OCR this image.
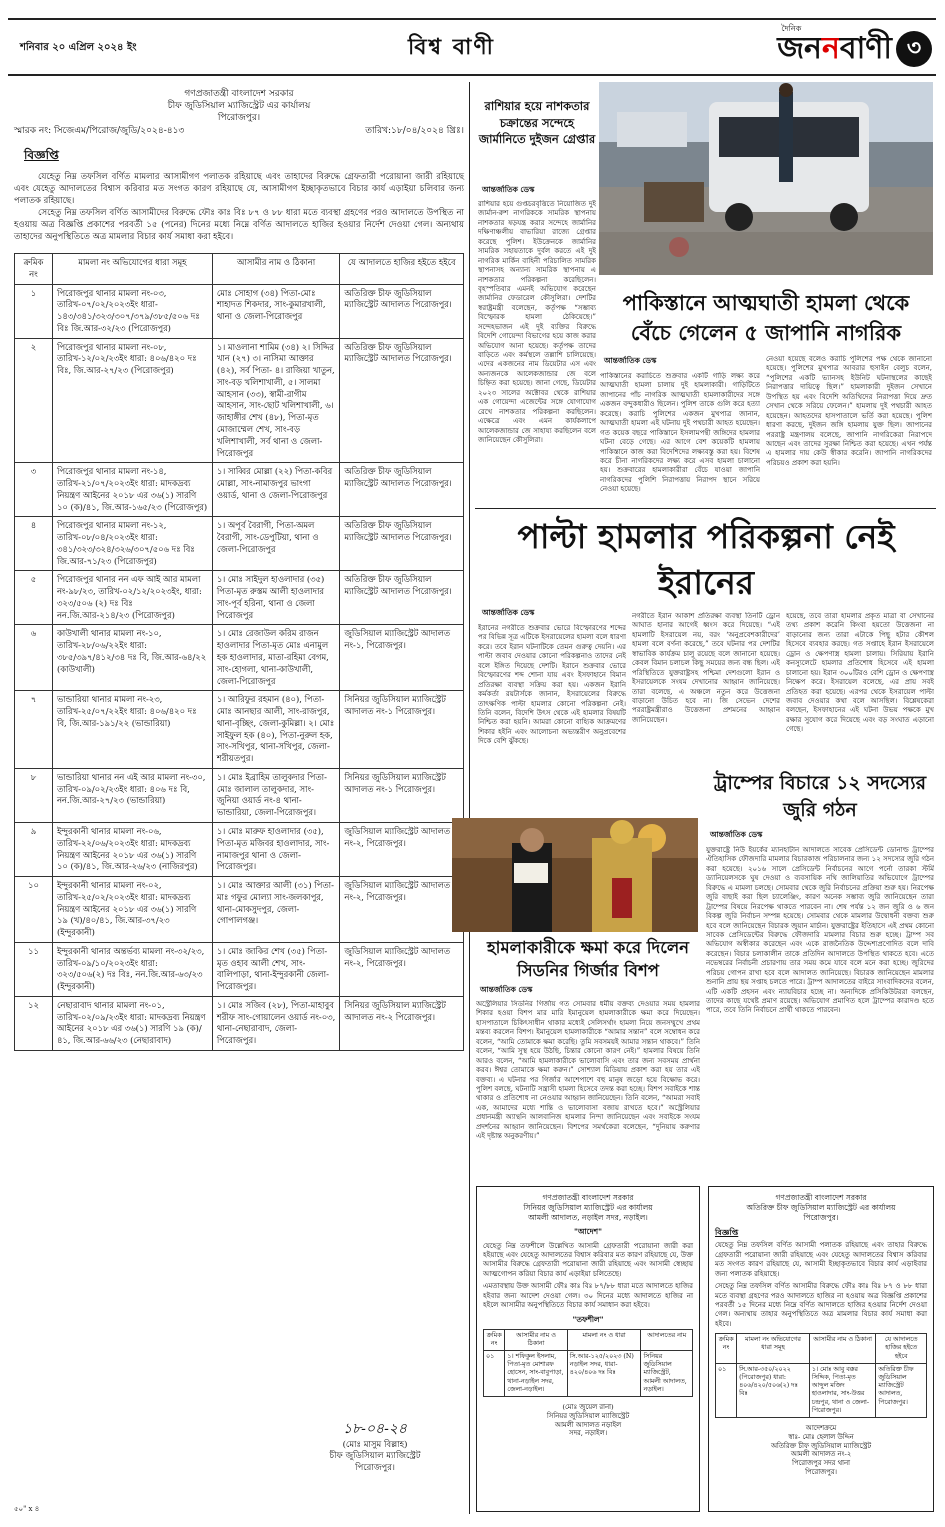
শনিবার ২০ এপ্রিল ২০২৪ ইং	বিশ্ব বাণী
দৈনিক
জননবাণী ৩

গণপ্রজাতন্ত্রী বাংলাদেশ সরকার

চীফ জুডিসিয়াল ম্যাজিস্ট্রেট এর কার্যালয়

পিরোজপুর।

স্মারক নং: সিজেএম/পিরোজ/জুডি/২০২৪-৪১৩	তারিখ:১৮/০৪/২০২৪ খ্রিঃ।
বিজ্ঞপ্তি

যেহেতু নিম্ন তফসিল বর্ণিত মামলার আসামীগণ পলাতক রহিয়াছে এবং তাহাদের বিরুদ্ধে গ্রেফতারী পরোয়ানা জারী রহিয়াছে এবং যেহেতু আদালতের বিশ্বাস করিবার মত সংগত কারণ রহিয়াছে যে, আসামীগণ ইচ্ছাকৃতভাবে বিচার কার্য এড়াইয়া চলিবার জন্য পলাতক রহিয়াছে।

সেহেতু নিম্ন তফসিল বর্ণিত আসামীদের বিরুদ্ধে ফৌঃ কাঃ বিঃ ৮৭ ও ৮৮ ধারা মতে ব্যবস্থা গ্রহণের পরও আদালতে উপস্থিত না হওয়ায় অত্র বিজ্ঞপ্তি প্রকাশের পরবর্তী ১৫ (পনের) দিনের মধ্যে নিম্নে বর্ণিত আদালতে হাজির হওয়ার নির্দেশ দেওয়া গেল। অন্যথায় তাহাদের অনুপস্থিতিতে অত্র মামলার বিচার কার্য সমাধা করা হইবে।

ক্রমিক নং	মামলা নং অভিযোগের ধারা সমূহ	আসামীর নাম ও ঠিকানা	যে আদালতে হাজির হইতে হইবে
১	পিরোজপুর থানার মামলা নং-০৩, তারিখ-০৭/০২/২০২৩ইং ধারা- ১৪৩/৩৪১/৩২৩/৩০৭/৩৭৯/৩৮৫/৫০৬ দঃ বিঃ জি.আর-৩২/২৩ (পিরোজপুর)	মোঃ সোহাগ (৩৪) পিতা-মোঃ শাহাদত শিকদার, সাং-কুমারখালী, থানা ও জেলা-পিরোজপুর	অতিরিক্ত চীফ জুডিসিয়াল ম্যাজিস্ট্রেট আদালত পিরোজপুর।
২	পিরোজপুর থানার মামলা নং-০৮, তারিখ-১২/০২/২৩ইং ধারা: ৪০৬/৪২০ দঃ বিঃ, জি.আর-২৭/২৩ (পিরোজপুর)	১। মাওলানা শামিম (৩৪) ২। সিদ্দির খান (২৭) ৩। নাসিমা আক্তার (৪২), সর্ব পিতা- ৪। রাজিয়া খাতুন, সাং-বড় খলিশাখালী, ৫। সালমা আহসান (৩৩), স্বামী-রাগীম আহসান, সাং-ছোট খলিশাখালী, ৬। জাহাঙ্গীর শেখ (৪৮), পিতা-মৃত মোজাম্মেল শেখ, সাং-বড় খলিশাখালী, সর্ব থানা ও জেলা-পিরোজপুর	অতিরিক্ত চীফ জুডিসিয়াল ম্যাজিস্ট্রেট আদালত পিরোজপুর।
৩	পিরোজপুর থানার মামলা নং-১৪, তারিখ-২১/০৭/২০২৩ইং ধারা: মাদকদ্রব্য নিয়ন্ত্রণ আইনের ২০১৮ এর ৩৬(১) সারণি ১০ (ক)/৪১, জি.আর-১৬৫/২৩ (পিরোজপুর)	১। সাব্বির মোল্লা (২২) পিতা-কবির মোল্লা, সাং-নামাজপুর ভাংগা ওয়ার্ড, থানা ও জেলা-পিরোজপুর	অতিরিক্ত চীফ জুডিসিয়াল ম্যাজিস্ট্রেট আদালত পিরোজপুর।
৪	পিরোজপুর থানার মামলা নং-১২, তারিখ-০৮/০৪/২০২৩ইং ধারা: ৩৪১/৩২৩/৩২৪/৩২৬/৩০৭/৫০৬ দঃ বিঃ জি.আর-৭১/২৩ (পিরোজপুর)	১। অপূর্ব বৈরাগী, পিতা-অমল বৈরাগী, সাং-ডেপুটিয়া, থানা ও জেলা-পিরোজপুর	অতিরিক্ত চীফ জুডিসিয়াল ম্যাজিস্ট্রেট আদালত পিরোজপুর।
৫	পিরোজপুর থানার নন এফ আই আর মামলা নং-৯৮/২৩, তারিখ-০২/১২/২০২৩ইং, ধারা: ৩২৩/৫০৬ (২) দঃ বিঃ নন.জি.আর-২১৪/২৩ (পিরোজপুর)	১। মোঃ সাইদুল হাওলাদার (৩৫) পিতা-মৃত রুস্তম আলী হাওলাদার সাং-পূর্ব হরিনা, থানা ও জেলা পিরোজপুর	অতিরিক্ত চীফ জুডিসিয়াল ম্যাজিস্ট্রেট আদালত পিরোজপুর।
৬	কাউখালী থানার মামলা নং-১০, তারিখ-২৮/০৬/২২ইং ধারা: ৩৮৫/৩৯৭/৪১২/৩৪ দঃ বি, জি.আর-৬৪/২২ (কাউখালী)	১। মোঃ রেজাউল করিম রাজন হাওলাদার পিতা-মৃত মোঃ এনামুল হক হাওলাদার, মাতা-রহিমা বেগম, সাং-হোগলা, থানা-কাউখালী, জেলা-পিরোজপুর	জুডিসিয়াল ম্যাজিস্ট্রেট আদালত নং-১, পিরোজপুর।
৭	ভান্ডারিয়া থানার মামলা নং-২৩, তারিখ-২৫/০৭/২২ইং ধারা: ৪০৬/৪২০ দঃ বি, জি.আর-১৯১/২২ (ভান্ডারিয়া)	১। আরিফুর রহমান (৪০), পিতা-মোঃ আনছার আলী, সাং-রাজপুর, থানা-বৃচ্ছিং, জেলা-কুমিল্লা। ২। মোঃ সাইফুল হক (৪০), পিতা-নুরুল হক, সাং-সখিপুর, থানা-সখিপুর, জেলা-শরীয়তপুর।	সিনিয়র জুডিসিয়াল ম্যাজিস্ট্রেট আদালত নং-১ পিরোজপুর।
৮	ভান্ডারিয়া থানার নন এই আর মামলা নং-৩০, তারিখ-০৯/০২/২৩ইং ধারা: ৪০৬ দঃ বি, নন.জি.আর-২৭/২৩ (ভান্ডারিয়া)	১। মোঃ ইব্রাহিম তালুকদার পিতা-মোঃ জালাল তালুকদার, সাং-জুনিয়া ওয়ার্ড নং-৪ থানা-ভান্ডারিয়া, জেলা-পিরোজপুর।	সিনিয়র জুডিসিয়াল ম্যাজিস্ট্রেট আদালত নং-১ পিরোজপুর।
৯	ইন্দুরকানী থানার মামলা নং-০৬, তারিখ-২২/০৬/২০২৩ইং ধারা: মাদকদ্রব্য নিয়ন্ত্রণ আইনের ২০১৮ এর ৩৬(১) সারণি ১০ (ক)/৪১, জি.আর-২৬/২৩ (নাজিরপুর)	১। মোঃ মারুফ হাওলাদার (৩৫), পিতা-মৃত মজিবর হাওলাদার, সাং-নামাজপুর থানা ও জেলা-পিরোজপুর।	জুডিসিয়াল ম্যাজিস্ট্রেট আদালত নং-২, পিরোজপুর।
১০	ইন্দুরকানী থানার মামলা নং-০২, তারিখ-২৫/০২/২০২৩ইং ধারা: মাদকদ্রব্য নিয়ন্ত্রণ আইনের ২০১৮ এর ৩৬(১) সারণি ১৯ (খ)/৪০/৪১, জি.আর-৩৭/২৩ (ইন্দুরকানী)	১। মোঃ আক্তার আলী (৩১) পিতা-মাঃ গফুর মোল্যা সাং-জলকাপুর, থানা-মোকসুদপুর, জেলা-গোপালগঞ্জ।	জুডিসিয়াল ম্যাজিস্ট্রেট আদালত নং-২, পিরোজপুর।
১১	ইন্দুরকানী থানার অন্তর্ভব্য মামলা নং-৩২/২৩, তারিখ-০৯/১০/২০২৩ইং ধারা: ৩২৩/৫০৬(২) দঃ বিঃ, নন.জি.আর-৬৩/২৩ (ইন্দুরকানী)	১। মোঃ জাকির শেখ (৩৫) পিতা-মৃত ওহাব আলী শেখ, সাং-বালিপাড়া, থানা-ইন্দুরকানী জেলা-পিরোজপুর।	জুডিসিয়াল ম্যাজিস্ট্রেট আদালত নং-২, পিরোজপুর।
১২	নেছারাবাদ থানার মামলা নং-০১, তারিখ-০২/০৯/২৩ইং ধারা: মাদকদ্রব্য নিয়ন্ত্রণ আইনের ২০১৮ এর ৩৬(১) সারণি ১৯ (ক)/৪১, জি.আর-৬৬/২৩ (নেছারাবাদ)	১। মোঃ সজিব (২৮), পিতা-মাহাবুব শরীফ সাং-গোয়ালেন ওয়ার্ড নং-০৩, থানা-নেছারাবাদ, জেলা-পিরোজপুর।	সিনিয়র জুডিসিয়াল ম্যাজিস্ট্রেট আদালত নং-২ পিরোজপুর।
১৮-০৪-২৪
(মোঃ মাসুম বিল্লাহ)
চীফ জুডিসিয়াল ম্যাজিস্ট্রেট
পিরোজপুর।
৫০" x ৪
রাশিয়ার হয়ে নাশকতার চক্রান্তের সন্দেহে জার্মানিতে দুইজন গ্রেপ্তার
আন্তর্জাতিক ডেস্ক
রাশিয়ার হয়ে গুপ্তচরবৃত্তিতে নিয়োজিত দুই জার্মান-রুশ নাগরিককে সামরিক স্থাপনায় নাশকতার ষড়যন্ত্র করার সন্দেহে জার্মানির দক্ষিণাঞ্চলীয় বাভারিয়া রাজ্যে গ্রেপ্তার করেছে পুলিশ। ইউক্রেনকে জার্মানির সামরিক সহায়তাকে দুর্বল করতে এই দুই নাগরিক মার্কিন বাহিনী পরিচালিত সামরিক স্থাপনাসহ অন্যান্য সামরিক স্থাপনায় এ নাশকতার পরিকল্পনা করেছিলেন। বৃহস্পতিবার এমনই অভিযোগ করেছেন জার্মানির ফেডারেল কৌসুলিরা। দেশটির স্বরাষ্ট্রমন্ত্রী বলেছেন, কর্তৃপক্ষ “সম্ভাব্য বিস্ফোরক হামলা ঠেকিয়েছে।” সন্দেহভাজন এই দুই ব্যক্তির বিরুদ্ধে বিদেশি গোয়েন্দা বিভাগের হয়ে কাজ করার অভিযোগ আনা হয়েছে। কর্তৃপক্ষ তাদের বাড়িতে এবং কর্মস্থলে তল্লাশি চালিয়েছে। এদের একজনের নাম ডিয়েটার এস এবং অন্যজনকে আলেকজান্ডার জে বলে চিহ্নিত করা হয়েছে। জানা গেছে, ডিয়েটার ২০২৩ সালের অক্টোবর থেকে রাশিয়ার এক গোয়েন্দা এজেন্টের সঙ্গে যোগাযোগ রেখে নাশকতার পরিকল্পনা করছিলেন। এক্ষেত্রে এবং এমন কার্যকলাপে আলেকজান্ডার জে সাহায্য করছিলেন বলে জানিয়েছেন কৌসুলিরা।
পাকিস্তানে আত্মঘাতী হামলা থেকে বেঁচে গেলেন ৫ জাপানি নাগরিক
আন্তর্জাতিক ডেস্ক
পাকিস্তানের করাচিতে শুক্রবার একটি গাড়ি লক্ষ্য করে আত্মঘাতী হামলা চালায় দুই হামলাকারী। গাড়িটিতে জাপানের পাঁচ নাগরিক আত্মঘাতী হামলাকারীদের সঙ্গে একজন বন্দুকধারীও ছিলেন। পুলিশ তাকে গুলি করে হত্যা করেছে। করাচি পুলিশের একজন মুখপাত্র জানান, আত্মঘাতী হামলা এই ঘটনায় দুই পথচারী আহত হয়েছেন। গত কয়েক বছরে পাকিস্তানে ইসলামপন্থী জঙ্গিদের হামলার ঘটনা বেড়ে গেছে। এর আগে বেশ কয়েকটি হামলায় পাকিস্তানে কাজ করা বিদেশিদের লক্ষ্যবস্তু করা হয়। বিশেষ করে চীনা নাগরিকদের লক্ষ্য করে এসব হামলা চালানো হয়। শুক্রবারের হামলাকারীরা বেঁচে যাওয়া জাপানি নাগরিকদের পুলিশি নিরাপত্তায় নিরাপদ স্থানে সরিয়ে নেওয়া হয়েছে।
নেওয়া হয়েছে বলেও করাচি পুলিশের পক্ষ থেকে জানানো হয়েছে। পুলিশের মুখপাত্র আবরার হুসাইন বেলুচ বলেন, “পুলিশের একটি ভ্যানসহ ইউনিট ঘটনাস্থলের কাছেই নিরাপত্তার দায়িত্বে ছিল।” হামলাকারী দুইজন সেখানে উপস্থিত হয় এবং বিদেশি অতিথিদের নিরাপত্তা দিয়ে দ্রুত সেখান থেকে সরিয়ে ফেলেন।” হামলায় দুই পথচারী আহত হয়েছেন। আহতদের হাসপাতালে ভর্তি করা হয়েছে। পুলিশ ধারণা করছে, দুইজন জঙ্গি হামলায় যুক্ত ছিল। জাপানের পররাষ্ট্র মন্ত্রণালয় বলেছে, জাপানি নাগরিকেরা নিরাপদে আছেন এবং তাদের সুরক্ষা নিশ্চিত করা হয়েছে। এখন পর্যন্ত এ হামলার দায় কেউ স্বীকার করেনি। জাপানি নাগরিকদের পরিচয়ও প্রকাশ করা হয়নি।
পাল্টা হামলার পরিকল্পনা নেই ইরানের
আন্তর্জাতিক ডেস্ক
ইরানের নগরীতে শুক্রবার ভোরে বিস্ফোরণের শব্দের পর বিভিন্ন সূত্র এটিকে ইসরায়েলের হামলা বলে ধারণা করে। তবে ইরান ঘটনাটিকে তেমন গুরুত্ব দেয়নি। এর পাল্টা জবাব দেওয়ার কোনো পরিকল্পনাও তাদের নেই বলে ইঙ্গিত দিয়েছে দেশটি। ইরানে শুক্রবার ভোরে বিস্ফোরণের শব্দ শোনা যায় এবং ইসফাহানে বিমান প্রতিরক্ষা ব্যবস্থা সক্রিয় করা হয়। একজন ইরানি কর্মকর্তা রয়টার্সকে জানান, ইসরায়েলের বিরুদ্ধে তাৎক্ষণিক পাল্টা হামলার কোনো পরিকল্পনা নেই। তিনি বলেন, বিদেশি উৎস থেকে এই হামলার বিষয়টি নিশ্চিত করা হয়নি। আমরা কোনো বাহ্যিক আক্রমণের শিকার হইনি এবং আলোচনা অভ্যন্তরীণ অনুপ্রবেশের দিকে বেশি ঝুঁকছে।
নগরীতে ইরান আকাশ প্রতিরক্ষা ব্যবস্থা তিনটি ড্রোন আঘাত হানার আগেই ধ্বংস করে দিয়েছে। “এই হামলাটি ইসরায়েল নয়, বরং ‘অনুপ্রবেশকারীদের’ হামলা বলে বর্ণনা করেছে,” তবে ঘটনার পর দেশটির স্বাভাবিক কার্যক্রম চালু রয়েছে বলে জানানো হয়েছে। কেবল বিমান চলাচল কিছু সময়ের জন্য বন্ধ ছিল। এই পরিস্থিতিতে যুক্তরাষ্ট্রসহ পশ্চিমা দেশগুলো ইরান ও ইসরায়েলকে সংযম দেখানোর আহ্বান জানিয়েছে। তারা বলেছে, এ অঞ্চলে নতুন করে উত্তেজনা বাড়ানো উচিত হবে না। জি সেভেন দেশের পররাষ্ট্রমন্ত্রীরাও উত্তেজনা প্রশমনের আহ্বান জানিয়েছেন।
হয়েছে, তবে তারা হামলার প্রকৃত মাত্রা বা সেখানের তথ্য প্রকাশ করেনি কিংবা হয়তো উত্তেজনা না বাড়ানোর জন্য তারা এটাকে পিছু হটার কৌশল হিসেবে ব্যবহার করছে। গত সপ্তাহে ইরান ইসরায়েলে ড্রোন ও ক্ষেপণাস্ত্র হামলা চালায়। সিরিয়ায় ইরানি কনস্যুলেটে হামলার প্রতিশোধ হিসেবে এই হামলা চালানো হয়। ইরান ৩০০টিরও বেশি ড্রোন ও ক্ষেপণাস্ত্র নিক্ষেপ করে। ইসরায়েল বলেছে, এর প্রায় সবই প্রতিহত করা হয়েছে। এরপর থেকে ইসরায়েল পাল্টা জবাব দেওয়ার কথা বলে আসছিল। বিশ্লেষকেরা বলছেন, ইসফাহানের এই ঘটনা উভয় পক্ষকে মুখ রক্ষার সুযোগ করে দিয়েছে এবং বড় সংঘাত এড়ানো গেছে।
ট্রাম্পের বিচারে ১২ সদস্যের জুরি গঠন
আন্তর্জাতিক ডেস্ক
যুক্তরাষ্ট্রে নিউ ইয়র্কের ম্যানহাটান আদালতে সাবেক প্রেসিডেন্ট ডোনাল্ড ট্রাম্পের ঐতিহাসিক ফৌজদারি মামলার বিচারকাজ পরিচালনার জন্য ১২ সদস্যের জুরি গঠন করা হয়েছে। ২০১৬ সালে প্রেসিডেন্ট নির্বাচনের আগে পর্নো তারকা স্টর্মি ড্যানিয়েলসকে ঘুষ দেওয়া ও ব্যবসায়িক নথি জালিয়াতির অভিযোগে ট্রাম্পের বিরুদ্ধে এ মামলা চলছে। সোমবার থেকে জুরি নির্বাচনের প্রক্রিয়া শুরু হয়। নিরপেক্ষ জুরি বাছাই করা ছিল চ্যালেঞ্জিং, কারণ অনেক সম্ভাব্য জুরি জানিয়েছেন তারা ট্রাম্পের বিষয়ে নিরপেক্ষ থাকতে পারবেন না। শেষ পর্যন্ত ১২ জন জুরি ও ৬ জন বিকল্প জুরি নির্বাচন সম্পন্ন হয়েছে। সোমবার থেকে মামলার উদ্বোধনী বক্তব্য শুরু হবে বলে জানিয়েছেন বিচারক জুয়ান মার্চান। যুক্তরাষ্ট্রের ইতিহাসে এই প্রথম কোনো সাবেক প্রেসিডেন্টের বিরুদ্ধে ফৌজদারি মামলার বিচার শুরু হচ্ছে। ট্রাম্প সব অভিযোগ অস্বীকার করেছেন এবং একে রাজনৈতিক উদ্দেশ্যপ্রণোদিত বলে দাবি করেছেন। বিচার চলাকালীন তাকে প্রতিদিন আদালতে উপস্থিত থাকতে হবে। এতে নভেম্বরের নির্বাচনী প্রচারণায় তার সময় কমে যাবে বলে মনে করা হচ্ছে। জুরিদের পরিচয় গোপন রাখা হবে বলে আদালত জানিয়েছে। বিচারক জানিয়েছেন মামলার শুনানি প্রায় ছয় সপ্তাহ চলতে পারে। ট্রাম্প আদালতের বাইরে সাংবাদিকদের বলেন, এটি একটি প্রহসন এবং ন্যায়বিচার হচ্ছে না। অন্যদিকে প্রসিকিউটররা বলছেন, তাদের কাছে যথেষ্ট প্রমাণ রয়েছে। অভিযোগ প্রমাণিত হলে ট্রাম্পের কারাদণ্ড হতে পারে, তবে তিনি নির্বাচনে প্রার্থী থাকতে পারবেন।
হামলাকারীকে ক্ষমা করে দিলেন সিডনির গির্জার বিশপ
আন্তর্জাতিক ডেস্ক
অস্ট্রেলিয়ার সিডনির গির্জায় গত সোমবার ধর্মীয় বক্তব্য দেওয়ার সময় হামলার শিকার হওয়া বিশপ মার মারি ইমানুয়েল হামলাকারীকে ক্ষমা করে দিয়েছেন। হাসপাতালে চিকিৎসাধীন থাকার মধ্যেই সেলিসর্থাং হামলা নিয়ে জনসম্মুখে প্রথম মন্তব্য করলেন বিশপ। ইমানুয়েল হামলাকারীকে “আমার সন্তান” বলে সম্বোধন করে বলেন, “আমি তোমাকে ক্ষমা করেছি। তুমি সবসময়ই আমার সন্তান থাকবে।” তিনি বলেন, “আমি সুস্থ হয়ে উঠছি, চিন্তার কোনো কারণ নেই।” হামলার বিষয়ে তিনি আরও বলেন, “আমি হামলাকারীকে ভালোবাসি এবং তার জন্য সবসময় প্রার্থনা করব। ঈশ্বর তোমাকে ক্ষমা করুন।” সোশ্যাল মিডিয়ায় প্রকাশ করা হয় তার এই বক্তব্য। এ ঘটনার পর গির্জার আশেপাশে বহু মানুষ জড়ো হয়ে বিক্ষোভ করে। পুলিশ বলছে, ঘটনাটি সন্ত্রাসী হামলা হিসেবে তদন্ত করা হচ্ছে। বিশপ সবাইকে শান্ত থাকার ও প্রতিশোধ না নেওয়ার আহ্বান জানিয়েছেন। তিনি বলেন, “আমরা সবাই এক, আমাদের মধ্যে শান্তি ও ভালোবাসা বজায় রাখতে হবে।” অস্ট্রেলিয়ার প্রধানমন্ত্রী অ্যান্থনি আলবানিজ হামলার নিন্দা জানিয়েছেন এবং সবাইকে সংযম প্রদর্শনের আহ্বান জানিয়েছেন। বিশপের সমর্থকেরা বলেছেন, “দুনিয়ায় করুণার এই দৃষ্টান্ত অনুকরণীয়।”
গণপ্রজাতন্ত্রী বাংলাদেশ সরকার
সিনিয়র জুডিসিয়াল ম্যাজিস্ট্রেট এর কার্যালয়
আমলী আদালত, নড়াইল সদর, নড়াইল।
"আদেশ"

যেহেতু নিম্ন তফশীলে উল্লেখিত আসামী গ্রেফতারী পরোয়ানা জারী করা হইয়াছে এবং যেহেতু আদালতের বিশ্বাস করিবার মত কারণ রহিয়াছে যে, উক্ত আসামীর বিরুদ্ধে গ্রেফতারী পরোয়ানা জারী রহিয়াছে এবং আসামী স্বেচ্ছায় আত্মগোপন করিয়া বিচার কার্য এড়াইয়া চলিতেছে।

এমতাবস্থায় উক্ত আসামী ফৌঃ কাঃ বিঃ ৮৭/৮৮ ধারা মতে আদালতে হাজির হইবার জন্য আদেশ দেওয়া গেল। ৩০ দিনের মধ্যে আদালতে হাজির না হইলে আসামীর অনুপস্থিতিতে বিচার কার্য সমাধান করা হইবে।

"তফশীল"
ক্রমিক নং	আসামীর নাম ও ঠিকানা	মামলা নং ও ধারা	আদালতের নাম
০১	১। শফিকুল ইসলাম, পিতা-মৃত মোশারফ হোসেন, সাং-বাবুপাড়া, থানা-নড়াইল সদর, জেলা-নড়াইল।	সি.আর-১২৫/২০২৩ (N) নড়াইল সদর, ধারা- ৪২০/৪০৬ দঃ বিঃ	সিনিয়র জুডিসিয়াল ম্যাজিস্ট্রেট, আমলী আদালত, নড়াইল।
(মোঃ জুয়েল রানা)
সিনিয়র জুডিসিয়াল ম্যাজিস্ট্রেট
আমলী আদালত নড়াইল
সদর, নড়াইল।
গণপ্রজাতন্ত্রী বাংলাদেশ সরকার
অতিরিক্ত চীফ জুডিসিয়াল ম্যাজিস্ট্রেট এর কার্যালয়
পিরোজপুর।
বিজ্ঞপ্তি

যেহেতু নিম্ন তফসিল বর্ণিত আসামী পলাতক রহিয়াছে এবং তাহার বিরুদ্ধে গ্রেফতারী পরোয়ানা জারী রহিয়াছে এবং যেহেতু আদালতের বিশ্বাস করিবার মত সংগত কারণ রহিয়াছে যে, আসামী ইচ্ছাকৃতভাবে বিচার কার্য এড়াইবার জন্য পলাতক রহিয়াছে।

সেহেতু নিম্ন তফসিল বর্ণিত আসামীর বিরুদ্ধে ফৌঃ কাঃ বিঃ ৮৭ ও ৮৮ ধারা মতে ব্যবস্থা গ্রহণের পরও আদালতে হাজির না হওয়ায় অত্র বিজ্ঞপ্তি প্রকাশের পরবর্তী ১৫ দিনের মধ্যে নিম্নে বর্ণিত আদালতে হাজির হওয়ার নির্দেশ দেওয়া গেল। অন্যথায় তাহার অনুপস্থিতিতে অত্র মামলার বিচার কার্য সমাধা করা হইবে।

ক্রমিক নং	মামলা নং অভিযোগের ধারা সমূহ	আসামীর নাম ও ঠিকানা	যে আদালতে হাজির হইতে হইবে
০১	সি.আর-৩৫০/২০২২ (পিরোজপুর) ধারা: ৪০৬/৪২০/৫০৬(২) দঃ বিঃ	১। মোঃ আবু বক্কর সিদ্দিক, পিতা-মৃত আব্দুল মজিদ হাওলাদার, সাং-উত্তর চন্দ্রপুর, থানা ও জেলা-পিরোজপুর।	অতিরিক্ত চীফ জুডিসিয়াল ম্যাজিস্ট্রেট আদালত, পিরোজপুর।
আদেশক্রমে
স্বাঃ- মোঃ হেলাল উদ্দিন
অতিরিক্ত চীফ জুডিসিয়াল ম্যাজিস্ট্রেট
আমলী আদালত নং-২
পিরোজপুর সদর থানা
পিরোজপুর।
